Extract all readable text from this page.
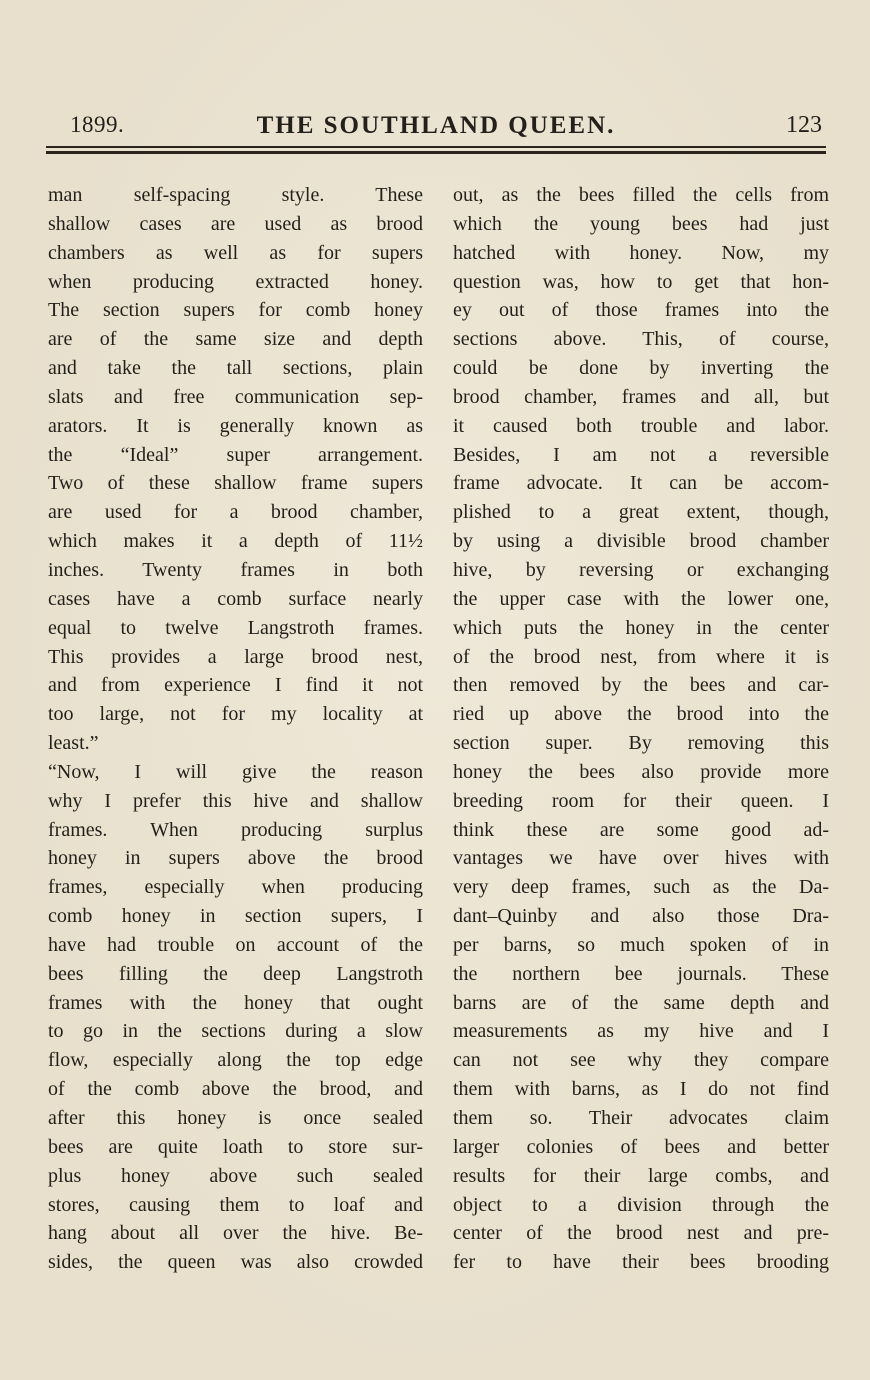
1899.	THE SOUTHLAND QUEEN.	123
man self-spacing style. These
shallow cases are used as brood
chambers as well as for supers
when producing extracted honey.
The section supers for comb honey
are of the same size and depth
and take the tall sections, plain
slats and free communication sep-
arators. It is generally known as
the “Ideal” super arrangement.
Two of these shallow frame supers
are used for a brood chamber,
which makes it a depth of 11½
inches. Twenty frames in both
cases have a comb surface nearly
equal to twelve Langstroth frames.
This provides a large brood nest,
and from experience I find it not
too large, not for my locality at
least.”
“Now, I will give the reason
why I prefer this hive and shallow
frames. When producing surplus
honey in supers above the brood
frames, especially when producing
comb honey in section supers, I
have had trouble on account of the
bees filling the deep Langstroth
frames with the honey that ought
to go in the sections during a slow
flow, especially along the top edge
of the comb above the brood, and
after this honey is once sealed
bees are quite loath to store sur-
plus honey above such sealed
stores, causing them to loaf and
hang about all over the hive. Be-
sides, the queen was also crowded
out, as the bees filled the cells from
which the young bees had just
hatched with honey. Now, my
question was, how to get that hon-
ey out of those frames into the
sections above. This, of course,
could be done by inverting the
brood chamber, frames and all, but
it caused both trouble and labor.
Besides, I am not a reversible
frame advocate. It can be accom-
plished to a great extent, though,
by using a divisible brood chamber
hive, by reversing or exchanging
the upper case with the lower one,
which puts the honey in the center
of the brood nest, from where it is
then removed by the bees and car-
ried up above the brood into the
section super. By removing this
honey the bees also provide more
breeding room for their queen. I
think these are some good ad-
vantages we have over hives with
very deep frames, such as the Da-
dant–Quinby and also those Dra-
per barns, so much spoken of in
the northern bee journals. These
barns are of the same depth and
measurements as my hive and I
can not see why they compare
them with barns, as I do not find
them so. Their advocates claim
larger colonies of bees and better
results for their large combs, and
object to a division through the
center of the brood nest and pre-
fer to have their bees brooding
